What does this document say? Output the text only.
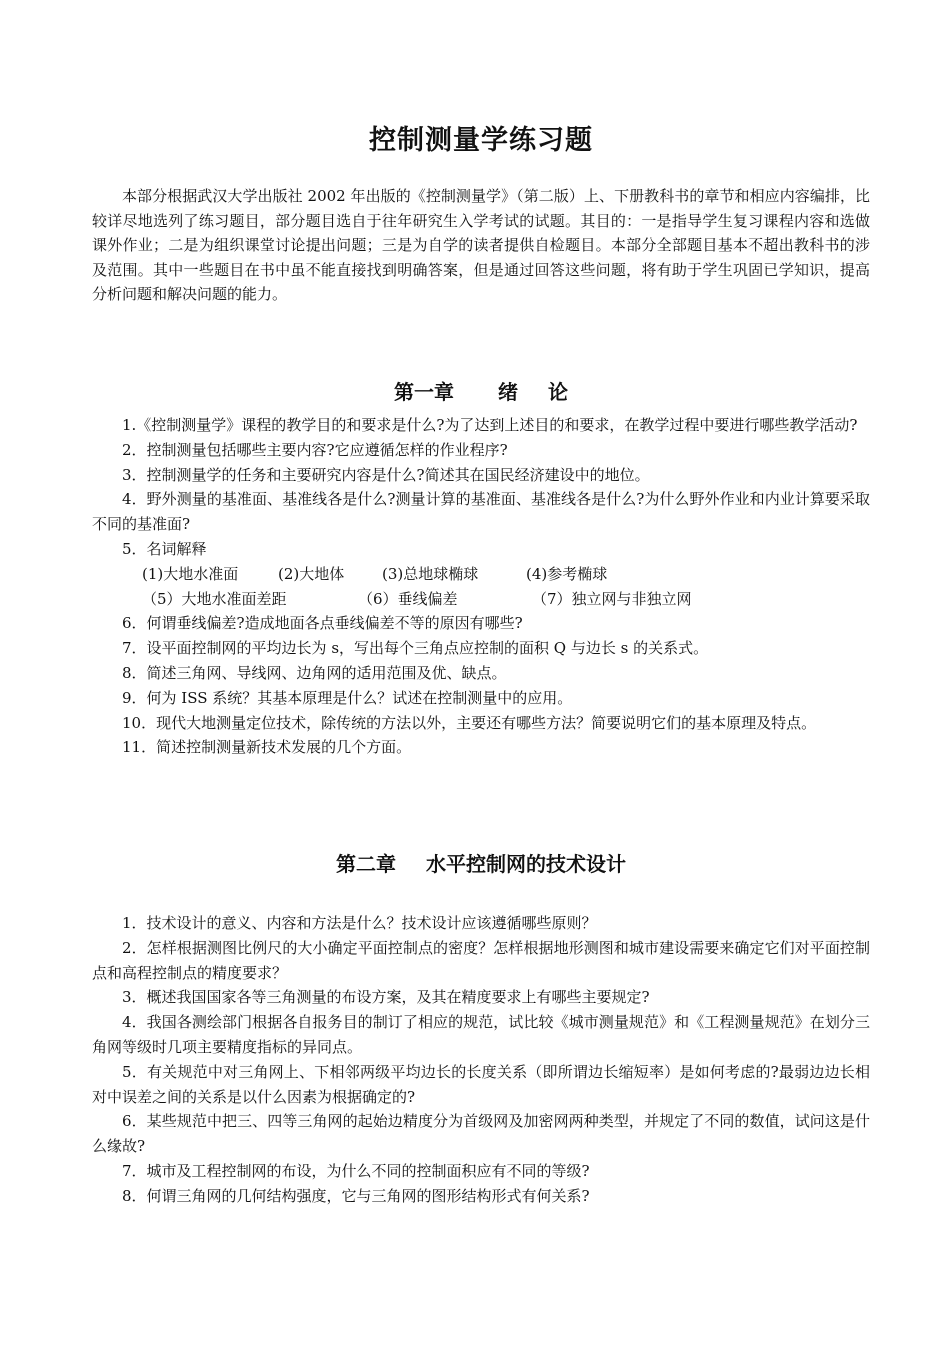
控制测量学练习题

本部分根据武汉大学出版社 2002 年出版的《控制测量学》（第二版）上、下册教科书的章节和相应内容编排，比较详尽地选列了练习题目，部分题目选自于往年研究生入学考试的试题。其目的：一是指导学生复习课程内容和选做课外作业；二是为组织课堂讨论提出问题；三是为自学的读者提供自检题目。本部分全部题目基本不超出教科书的涉及范围。其中一些题目在书中虽不能直接找到明确答案，但是通过回答这些问题，将有助于学生巩固已学知识，提高分析问题和解决问题的能力。

第一章 绪 论

1.《控制测量学》课程的教学目的和要求是什么?为了达到上述目的和要求，在教学过程中要进行哪些教学活动?

2．控制测量包括哪些主要内容?它应遵循怎样的作业程序?

3．控制测量学的任务和主要研究内容是什么?简述其在国民经济建设中的地位。

4．野外测量的基准面、基准线各是什么?测量计算的基准面、基准线各是什么?为什么野外作业和内业计算要采取不同的基准面?

5．名词解释

(1)大地水准面	(2)大地体	(3)总地球椭球	(4)参考椭球
（5）大地水准面差距	（6）垂线偏差	（7）独立网与非独立网

6．何谓垂线偏差?造成地面各点垂线偏差不等的原因有哪些?

7．设平面控制网的平均边长为 s，写出每个三角点应控制的面积 Q 与边长 s 的关系式。

8．简述三角网、导线网、边角网的适用范围及优、缺点。

9．何为 ISS 系统？其基本原理是什么？试述在控制测量中的应用。

10．现代大地测量定位技术，除传统的方法以外，主要还有哪些方法？简要说明它们的基本原理及特点。

11．简述控制测量新技术发展的几个方面。

第二章 水平控制网的技术设计

1．技术设计的意义、内容和方法是什么？技术设计应该遵循哪些原则？

2．怎样根据测图比例尺的大小确定平面控制点的密度？怎样根据地形测图和城市建设需要来确定它们对平面控制点和高程控制点的精度要求？

3．概述我国国家各等三角测量的布设方案，及其在精度要求上有哪些主要规定?

4．我国各测绘部门根据各自报务目的制订了相应的规范，试比较《城市测量规范》和《工程测量规范》在划分三角网等级时几项主要精度指标的异同点。

5．有关规范中对三角网上、下相邻两级平均边长的长度关系（即所谓边长缩短率）是如何考虑的?最弱边边长相对中误差之间的关系是以什么因素为根据确定的?

6．某些规范中把三、四等三角网的起始边精度分为首级网及加密网两种类型，并规定了不同的数值，试问这是什么缘故?

7．城市及工程控制网的布设，为什么不同的控制面积应有不同的等级?

8．何谓三角网的几何结构强度，它与三角网的图形结构形式有何关系?
